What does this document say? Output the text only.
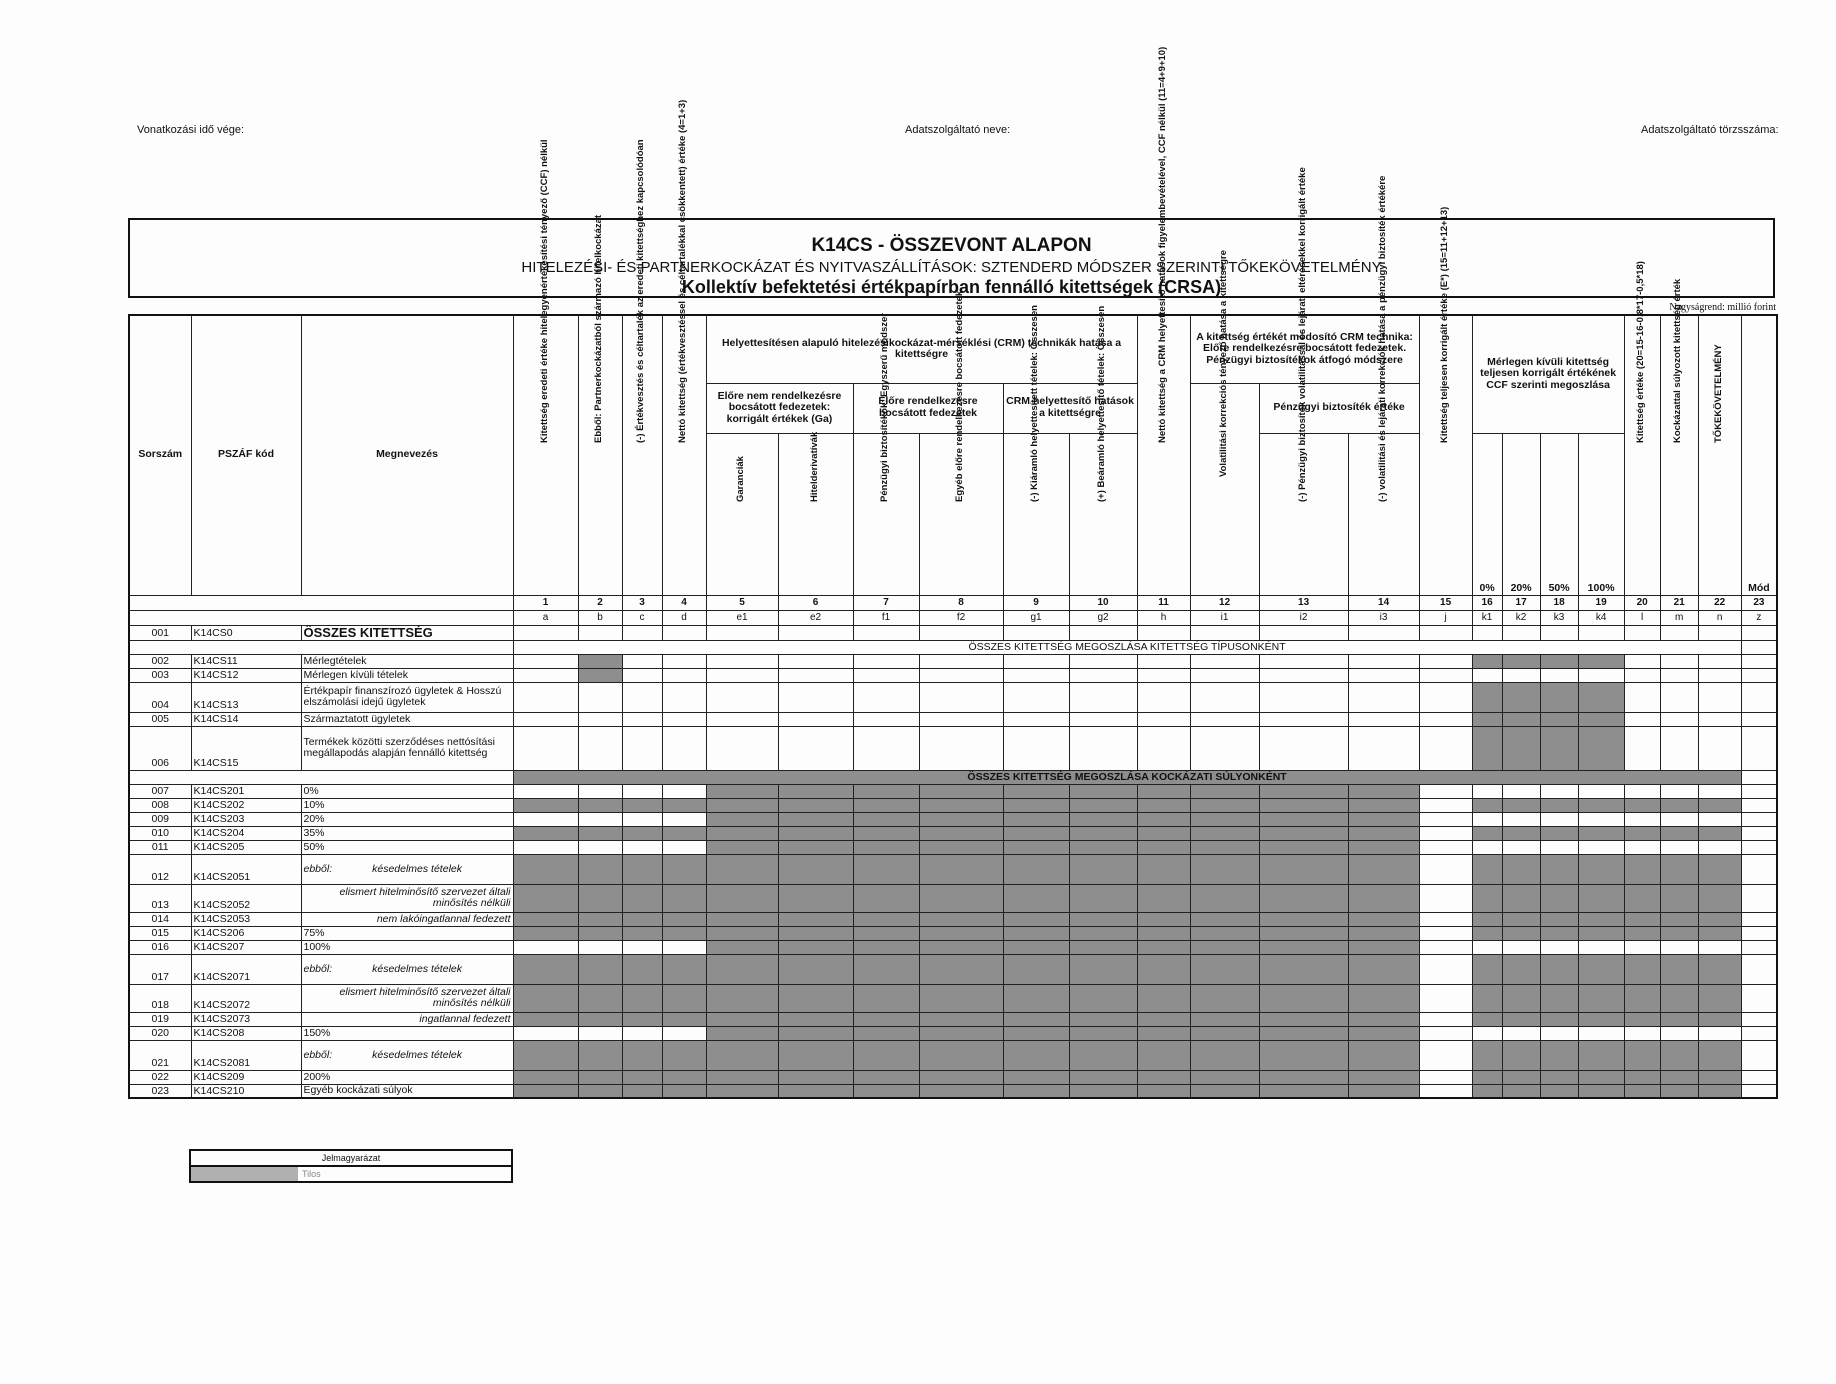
Vonatkozási idő vége:	Adatszolgáltató neve:	Adatszolgáltató törzsszáma:
K14CS - ÖSSZEVONT ALAPON
HITELEZÉSI- ÉS PARTNERKOCKÁZAT ÉS NYITVASZÁLLÍTÁSOK: SZTENDERD MÓDSZER SZERINTI TŐKEKÖVETELMÉNY
Kollektív befektetési értékpapírban fennálló kitettségek (CRSA)
Nagyságrend: millió forint
Sorszám	PSZÁF kód	Megnevezés	Kitettség eredeti értéke hitelegyenértékesítési tényező (CCF) nélkül	Ebből: Partnerkockázatból származó hitelkockázat	(-) Értékvesztés és céltartalék az eredeti kitettséghez kapcsolódóan	Nettó kitettség (értékvesztéssel és céltartalékkal csökkentett) értéke (4=1+3)	Helyettesítésen alapuló hitelezésikockázat-mérséklési (CRM) technikák hatása a kitettségre						Nettó kitettség a CRM helyettesítő hatások figyelembevételével, CCF nélkül (11=4+9+10)	A kitettség értékét módosító CRM technika: Előre rendelkezésre bocsátott fedezetek. Pénzügyi biztosítékok átfogó módszere			Kitettség teljesen korrigált értéke (E*) (15=11+12+13)	Mérlegen kívüli kitettség teljesen korrigált értékének CCF szerinti megoszlása				Kitettség értéke (20=15-16-0,8*17-0,5*18)	Kockázattal súlyozott kitettség érték	TŐKEKÖVETELMÉNY	

							Előre nem rendelkezésre bocsátott fedezetek: korrigált értékek (Ga)		Előre rendelkezésre bocsátott fedezetek		CRM helyettesítő hatások a kitettségre			Volatilitási korrekciós tényező hatása a kitettségre	Pénzügyi biztosíték értéke										

							Garanciák	Hitelderivatívák	Pénzügyi biztosítékok: Egyszerű módszer	Egyéb előre rendelkezésre bocsátott fedezetek	(-) Kiáramló helyettesített tételek: Összesen	(+) Beáramló helyettesítő tételek: Összesen			(-) Pénzügyi biztosíték volatilitással és lejárati eltérésekkel korrigált értéke	(-) volatilitási és lejárati korrekciók hatása a pénzügyi biztosíték értékére									

																		0%	20%	50%	100%				Mód
			1	2	3	4	5	6	7	8	9	10	11	12	13	14	15	16	17	18	19	20	21	22	23
			a	b	c	d	e1	e2	f1	f2	g1	g2	h	i1	i2	i3	j	k1	k2	k3	k4	l	m	n	z
001	K14CS0	ÖSSZES KITETTSÉG																							
			ÖSSZES KITETTSÉG MEGOSZLÁSA KITETTSÉG TÍPUSONKÉNT																						
002	K14CS11	Mérlegtételek																							
003	K14CS12	Mérlegen kívüli tételek																							
004	K14CS13	Értékpapír finanszírozó ügyletek & Hosszú elszámolási idejű ügyletek																							
005	K14CS14	Származtatott ügyletek																							
006	K14CS15	Termékek közötti szerződéses nettósítási megállapodás alapján fennálló kitettség																							
			ÖSSZES KITETTSÉG MEGOSZLÁSA KOCKÁZATI SÚLYONKÉNT																						
007	K14CS201	0%																							
008	K14CS202	10%																							
009	K14CS203	20%																							
010	K14CS204	35%																							
011	K14CS205	50%																							
012	K14CS2051	ebből: késedelmes tételek																							
013	K14CS2052	elismert hitelminősítő szervezet általi minősítés nélküli																							
014	K14CS2053	nem lakóingatlannal fedezett																							
015	K14CS206	75%																							
016	K14CS207	100%																							
017	K14CS2071	ebből: késedelmes tételek																							
018	K14CS2072	elismert hitelminősítő szervezet általi minősítés nélküli																							
019	K14CS2073	ingatlannal fedezett																							
020	K14CS208	150%																							
021	K14CS2081	ebből: késedelmes tételek																							
022	K14CS209	200%																							
023	K14CS210	Egyéb kockázati súlyok																							
Jelmagyarázat
Tilos
